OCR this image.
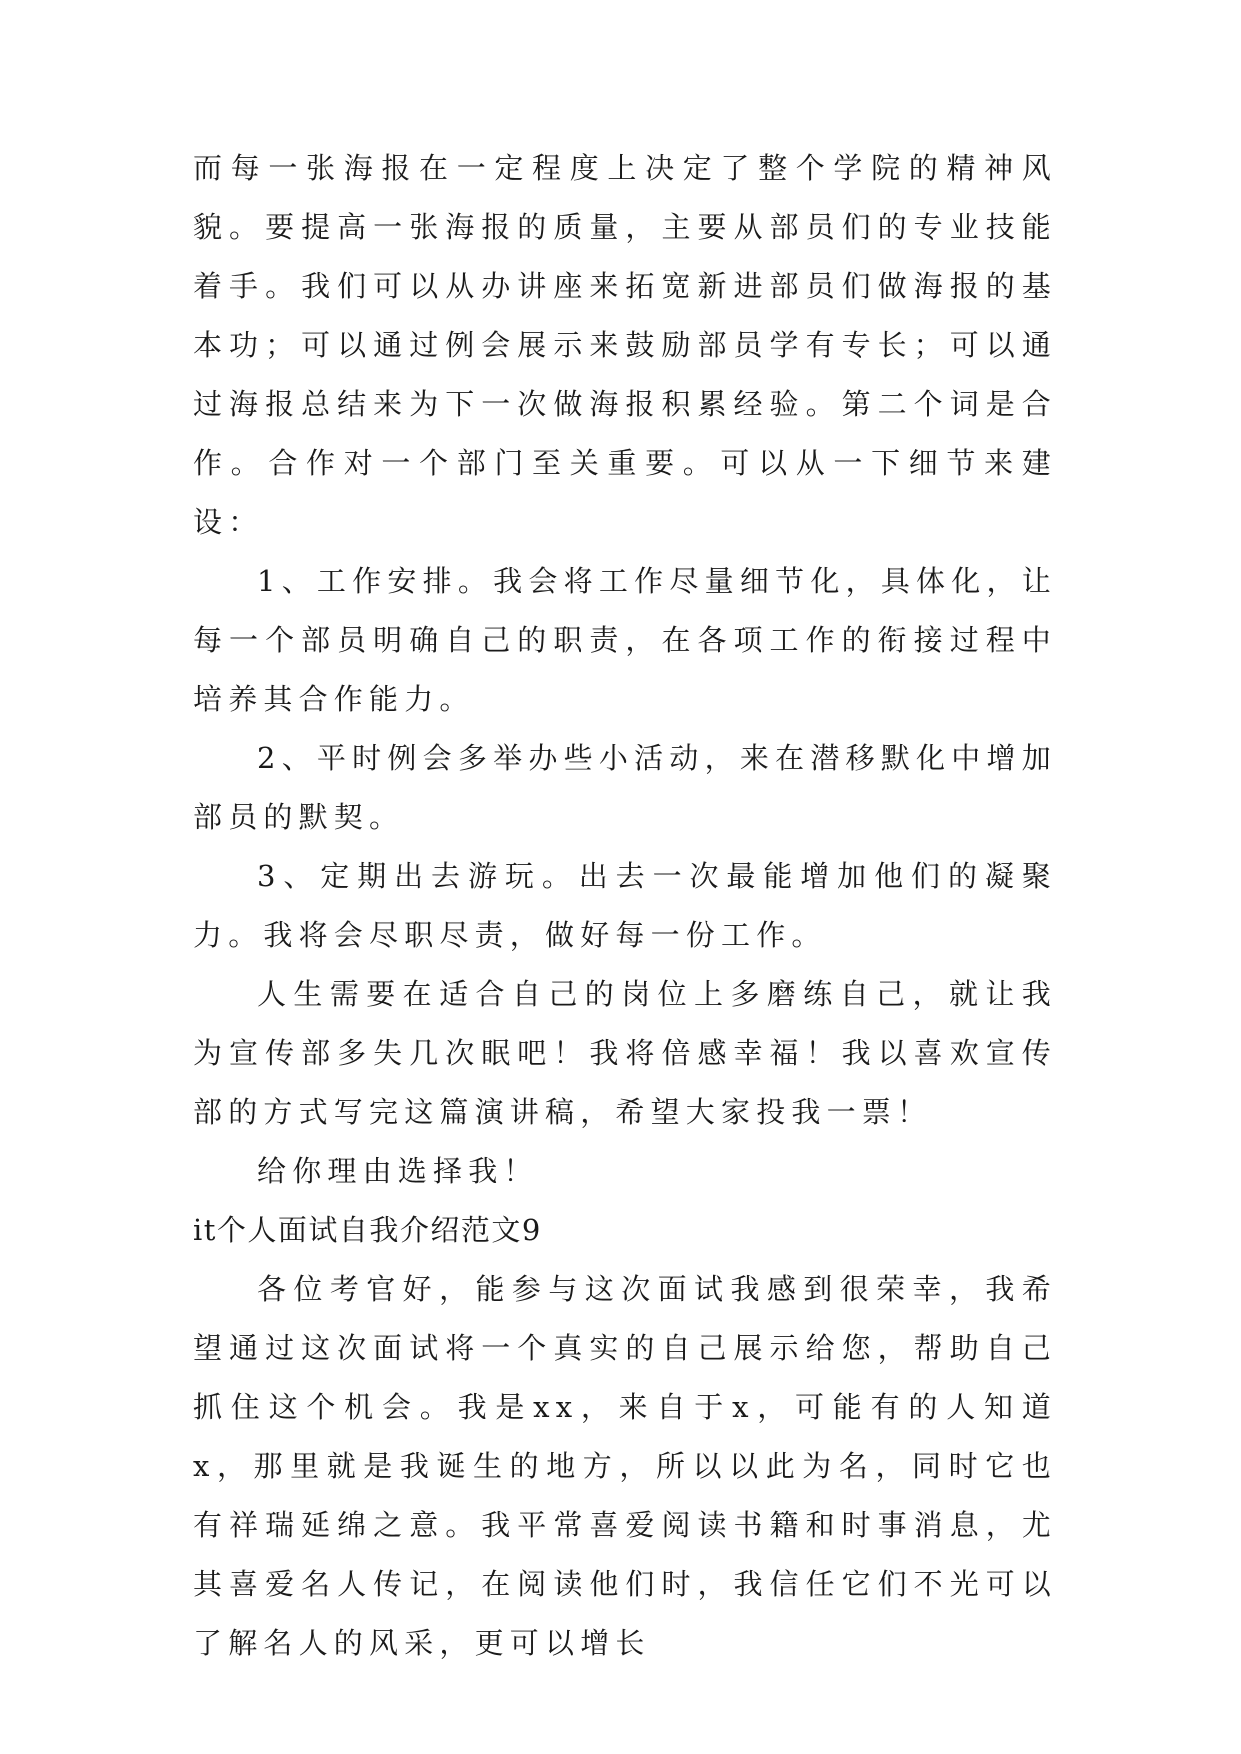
而每一张海报在一定程度上决定了整个学院的精神风貌。要提高一张海报的质量，主要从部员们的专业技能着手。我们可以从办讲座来拓宽新进部员们做海报的基本功；可以通过例会展示来鼓励部员学有专长；可以通过海报总结来为下一次做海报积累经验。第二个词是合作。合作对一个部门至关重要。可以从一下细节来建设：

1、工作安排。我会将工作尽量细节化，具体化，让每一个部员明确自己的职责，在各项工作的衔接过程中培养其合作能力。

2、平时例会多举办些小活动，来在潜移默化中增加部员的默契。

3、定期出去游玩。出去一次最能增加他们的凝聚力。我将会尽职尽责，做好每一份工作。

人生需要在适合自己的岗位上多磨练自己，就让我为宣传部多失几次眠吧！我将倍感幸福！我以喜欢宣传部的方式写完这篇演讲稿，希望大家投我一票！

给你理由选择我！

it个人面试自我介绍范文9

各位考官好，能参与这次面试我感到很荣幸，我希望通过这次面试将一个真实的自己展示给您，帮助自己抓住这个机会。我是xx，来自于x，可能有的人知道x，那里就是我诞生的地方，所以以此为名，同时它也有祥瑞延绵之意。我平常喜爱阅读书籍和时事消息，尤其喜爱名人传记，在阅读他们时，我信任它们不光可以了解名人的风采，更可以增长
